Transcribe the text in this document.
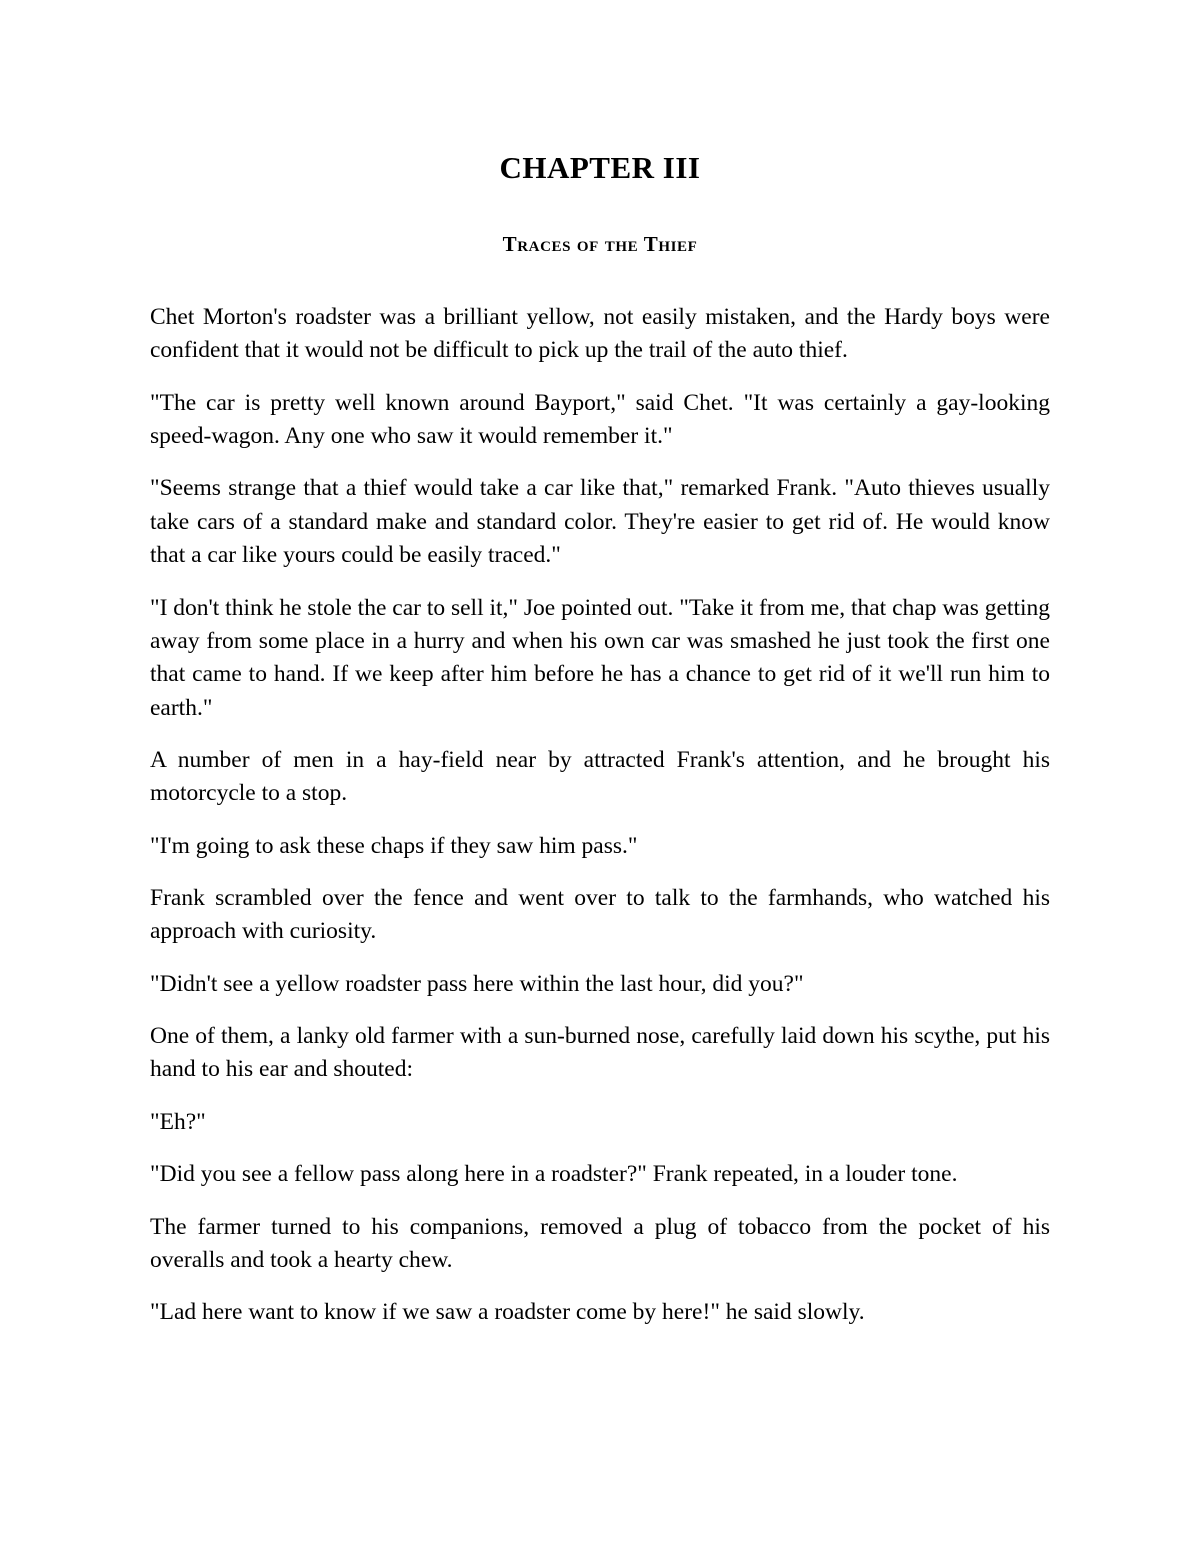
CHAPTER III
Traces of the Thief

Chet Morton's roadster was a brilliant yellow, not easily mistaken, and the Hardy boys were confident that it would not be difficult to pick up the trail of the auto thief.

"The car is pretty well known around Bayport," said Chet. "It was certainly a gay-looking speed-wagon. Any one who saw it would remember it."

"Seems strange that a thief would take a car like that," remarked Frank. "Auto thieves usually take cars of a standard make and standard color. They're easier to get rid of. He would know that a car like yours could be easily traced."

"I don't think he stole the car to sell it," Joe pointed out. "Take it from me, that chap was getting away from some place in a hurry and when his own car was smashed he just took the first one that came to hand. If we keep after him before he has a chance to get rid of it we'll run him to earth."

A number of men in a hay-field near by attracted Frank's attention, and he brought his motorcycle to a stop.

"I'm going to ask these chaps if they saw him pass."

Frank scrambled over the fence and went over to talk to the farmhands, who watched his approach with curiosity.

"Didn't see a yellow roadster pass here within the last hour, did you?"

One of them, a lanky old farmer with a sun-burned nose, carefully laid down his scythe, put his hand to his ear and shouted:

"Eh?"

"Did you see a fellow pass along here in a roadster?" Frank repeated, in a louder tone.

The farmer turned to his companions, removed a plug of tobacco from the pocket of his overalls and took a hearty chew.

"Lad here want to know if we saw a roadster come by here!" he said slowly.
